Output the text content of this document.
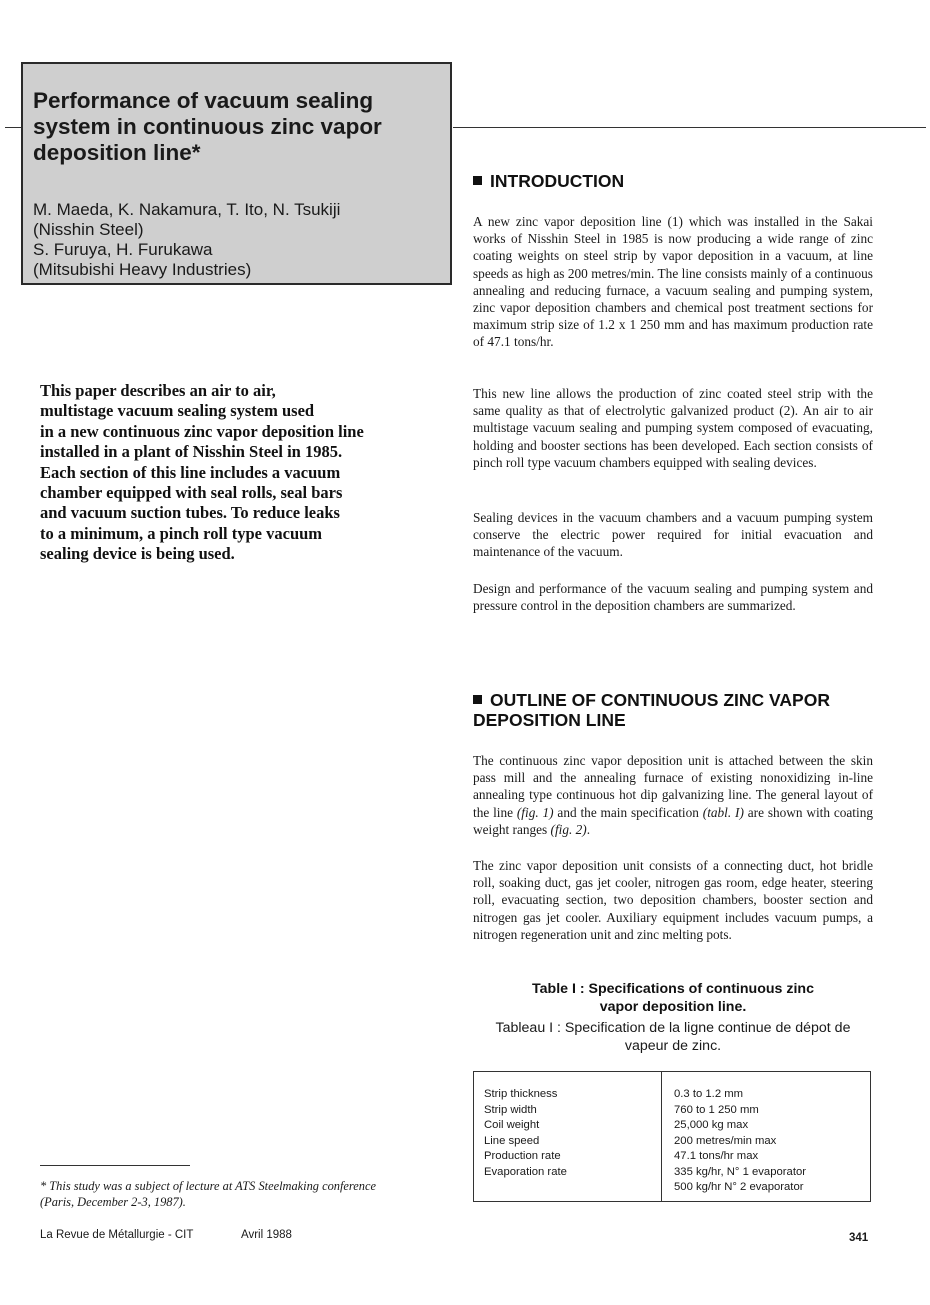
Performance of vacuum sealing
system in continuous zinc vapor
deposition line*
M. Maeda, K. Nakamura, T. Ito, N. Tsukiji
(Nisshin Steel)
S. Furuya, H. Furukawa
(Mitsubishi Heavy Industries)
This paper describes an air to air,
multistage vacuum sealing system used
in a new continuous zinc vapor deposition line
installed in a plant of Nisshin Steel in 1985.
Each section of this line includes a vacuum
chamber equipped with seal rolls, seal bars
and vacuum suction tubes. To reduce leaks
to a minimum, a pinch roll type vacuum
sealing device is being used.
INTRODUCTION

A new zinc vapor deposition line (1) which was installed in the Sakai works of Nisshin Steel in 1985 is now producing a wide range of zinc coating weights on steel strip by vapor deposition in a vacuum, at line speeds as high as 200 metres/min. The line consists mainly of a continuous annealing and reducing furnace, a vacuum sealing and pumping system, zinc vapor deposition chambers and chemical post treatment sections for maximum strip size of 1.2 x 1 250 mm and has maximum production rate of 47.1 tons/hr.

This new line allows the production of zinc coated steel strip with the same quality as that of electrolytic galvanized product (2). An air to air multistage vacuum sealing and pumping system composed of evacuating, holding and booster sections has been developed. Each section consists of pinch roll type vacuum chambers equipped with sealing devices.

Sealing devices in the vacuum chambers and a vacuum pumping system conserve the electric power required for initial evacuation and maintenance of the vacuum.

Design and performance of the vacuum sealing and pumping system and pressure control in the deposition chambers are summarized.

OUTLINE OF CONTINUOUS ZINC VAPOR
DEPOSITION LINE

The continuous zinc vapor deposition unit is attached between the skin pass mill and the annealing furnace of existing nonoxidizing in-line annealing type continuous hot dip galvanizing line. The general layout of the line (fig. 1) and the main specification (tabl. I) are shown with coating weight ranges (fig. 2).

The zinc vapor deposition unit consists of a connecting duct, hot bridle roll, soaking duct, gas jet cooler, nitrogen gas room, edge heater, steering roll, evacuating section, two deposition chambers, booster section and nitrogen gas jet cooler. Auxiliary equipment includes vacuum pumps, a nitrogen regeneration unit and zinc melting pots.

Table I : Specifications of continuous zinc
vapor deposition line.
Tableau I : Specification de la ligne continue de dépot de
vapeur de zinc.
Strip thickness
Strip width
Coil weight
Line speed
Production rate
Evaporation rate
0.3 to 1.2 mm
760 to 1 250 mm
25,000 kg max
200 metres/min max
47.1 tons/hr max
335 kg/hr, N° 1 evaporator
500 kg/hr N° 2 evaporator
* This study was a subject of lecture at ATS Steelmaking conference
(Paris, December 2-3, 1987).
La Revue de Métallurgie - CIT	Avril 1988	341
